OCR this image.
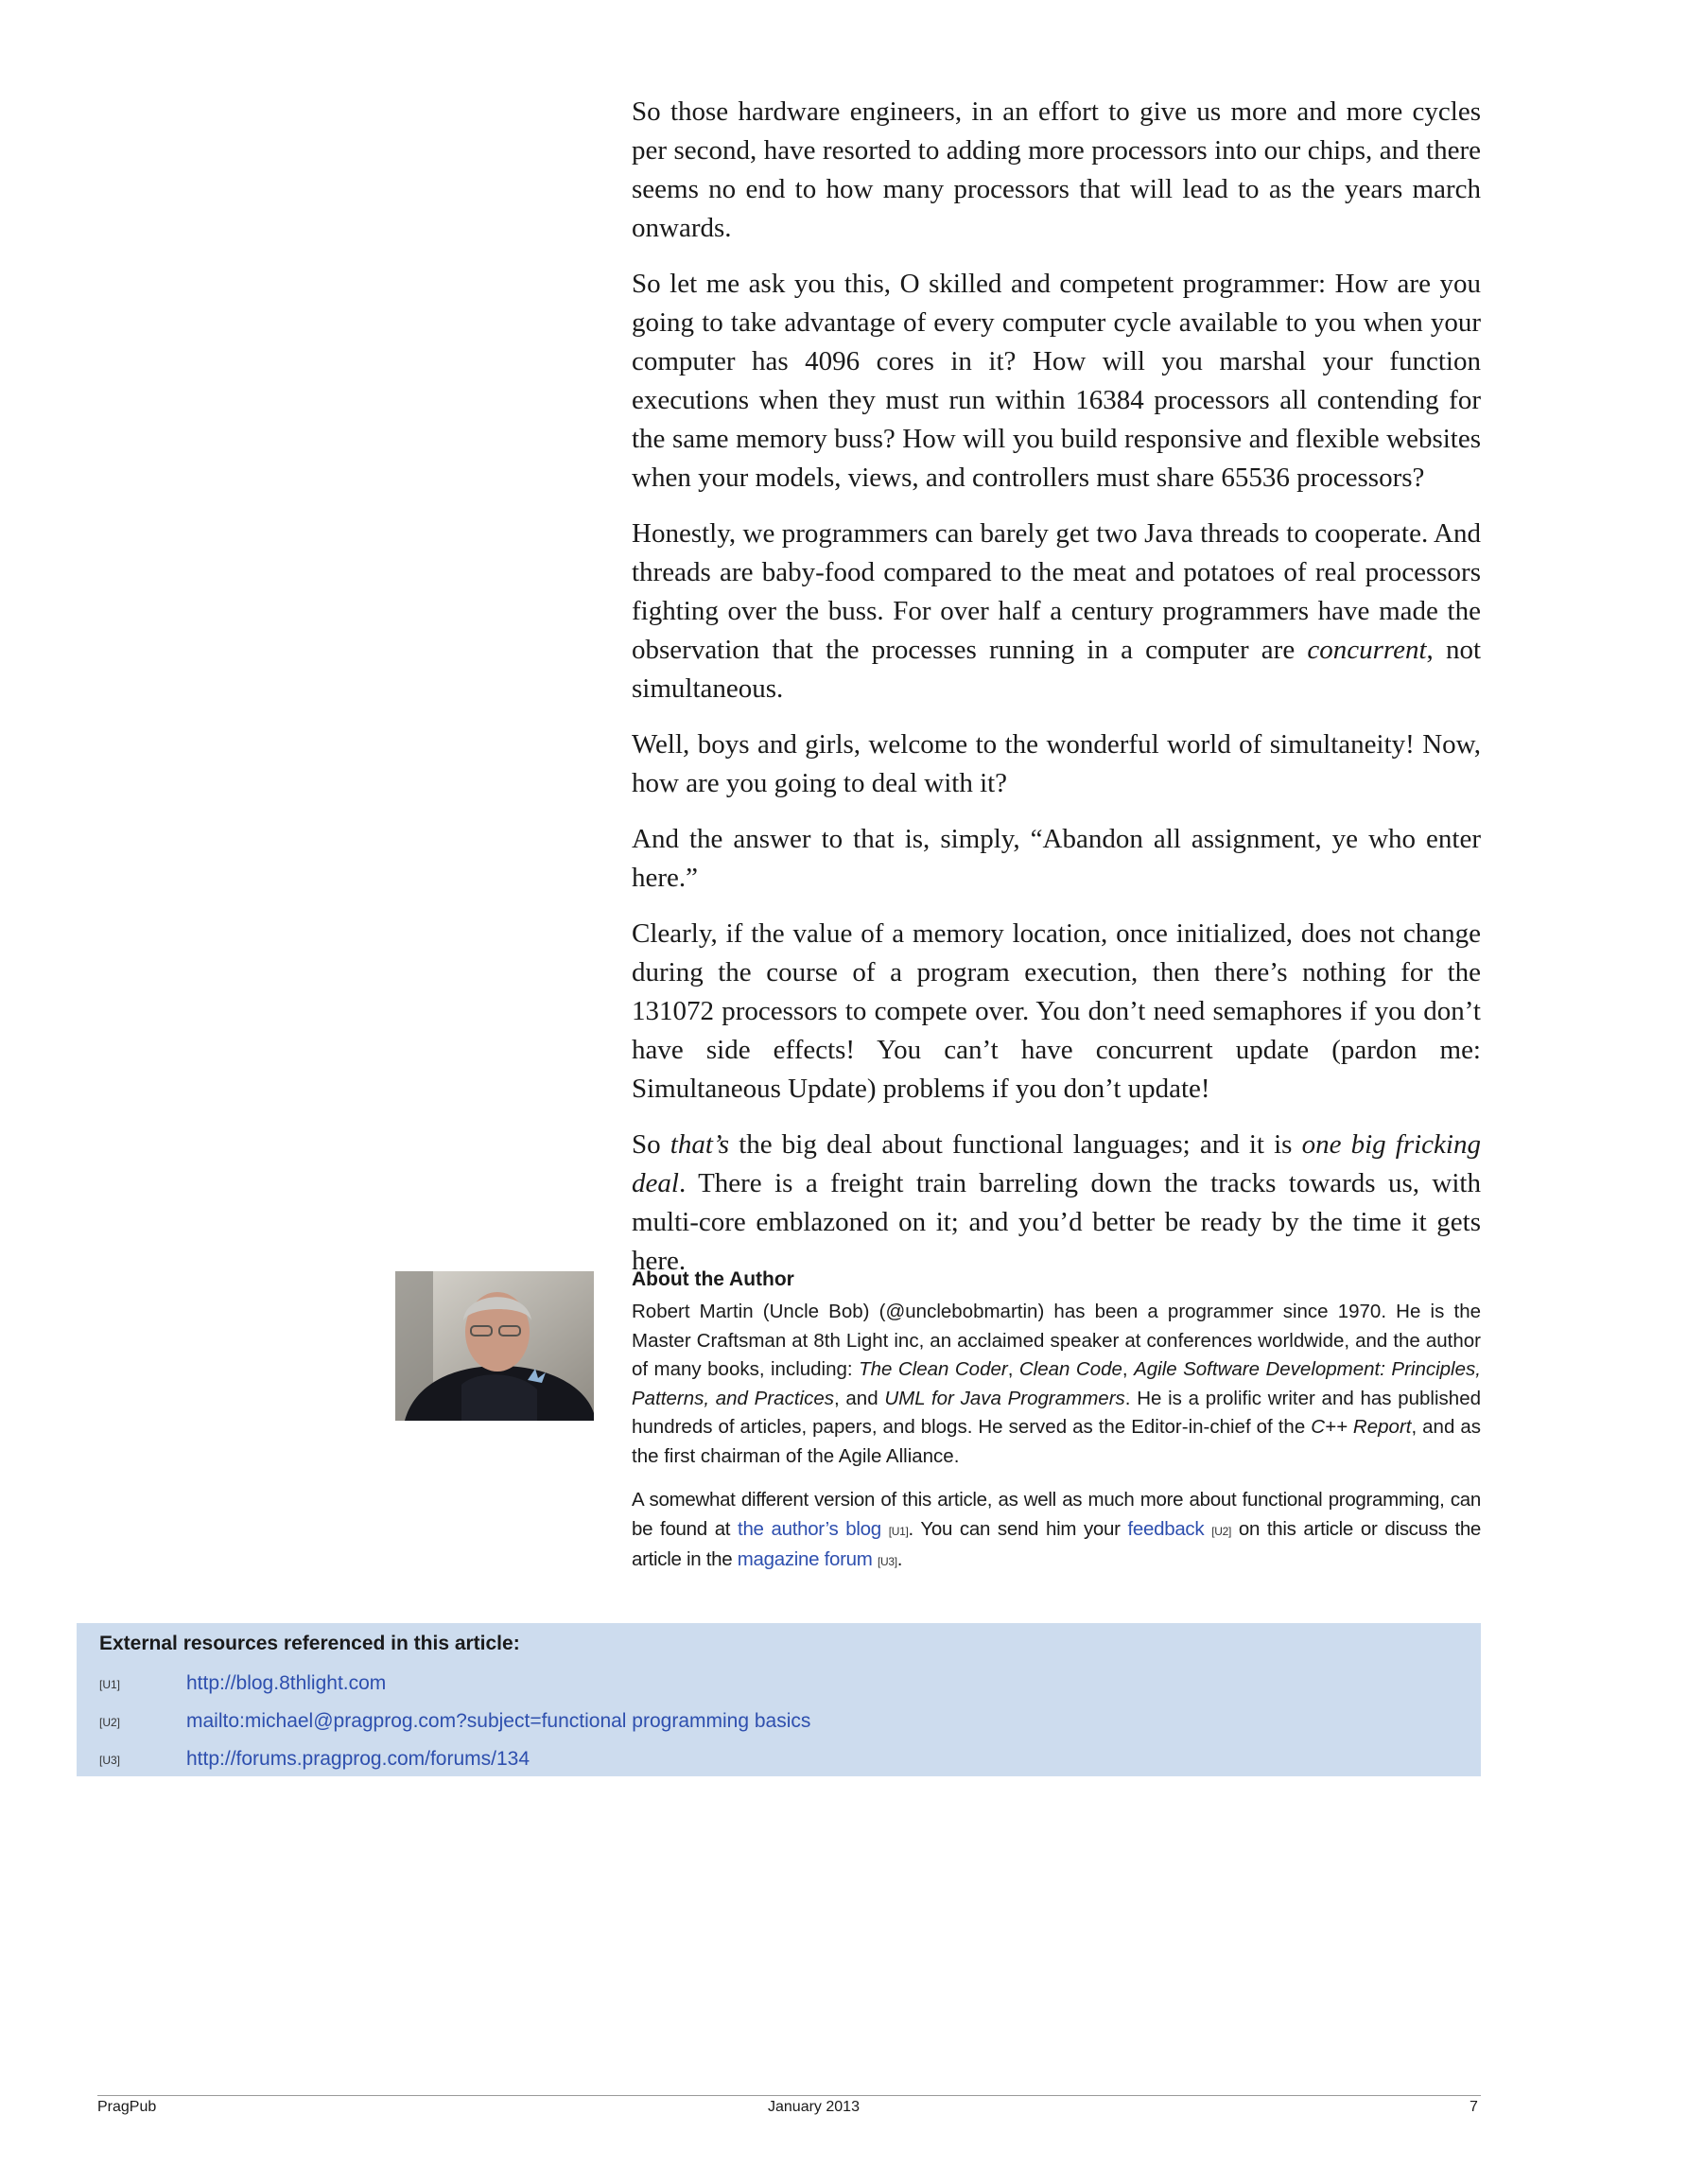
So those hardware engineers, in an effort to give us more and more cycles per second, have resorted to adding more processors into our chips, and there seems no end to how many processors that will lead to as the years march onwards.

So let me ask you this, O skilled and competent programmer: How are you going to take advantage of every computer cycle available to you when your computer has 4096 cores in it? How will you marshal your function executions when they must run within 16384 processors all contending for the same memory buss? How will you build responsive and flexible websites when your models, views, and controllers must share 65536 processors?

Honestly, we programmers can barely get two Java threads to cooperate. And threads are baby-food compared to the meat and potatoes of real processors fighting over the buss. For over half a century programmers have made the observation that the processes running in a computer are concurrent, not simultaneous.

Well, boys and girls, welcome to the wonderful world of simultaneity! Now, how are you going to deal with it?

And the answer to that is, simply, “Abandon all assignment, ye who enter here.”

Clearly, if the value of a memory location, once initialized, does not change during the course of a program execution, then there’s nothing for the 131072 processors to compete over. You don’t need semaphores if you don’t have side effects! You can’t have concurrent update (pardon me: Simultaneous Update) problems if you don’t update!

So that’s the big deal about functional languages; and it is one big fricking deal. There is a freight train barreling down the tracks towards us, with multi-core emblazoned on it; and you’d better be ready by the time it gets here.

About the Author

Robert Martin (Uncle Bob) (@unclebobmartin) has been a programmer since 1970. He is the Master Craftsman at 8th Light inc, an acclaimed speaker at conferences worldwide, and the author of many books, including: The Clean Coder, Clean Code, Agile Software Development: Principles, Patterns, and Practices, and UML for Java Programmers. He is a prolific writer and has published hundreds of articles, papers, and blogs. He served as the Editor-in-chief of the C++ Report, and as the first chairman of the Agile Alliance.

A somewhat different version of this article, as well as much more about functional programming, can be found at the author’s blog [U1]. You can send him your feedback [U2] on this article or discuss the article in the magazine forum [U3].

External resources referenced in this article:
[U1]	http://blog.8thlight.com
[U2]	mailto:michael@pragprog.com?subject=functional programming basics
[U3]	http://forums.pragprog.com/forums/134
PragPub	January 2013	7
